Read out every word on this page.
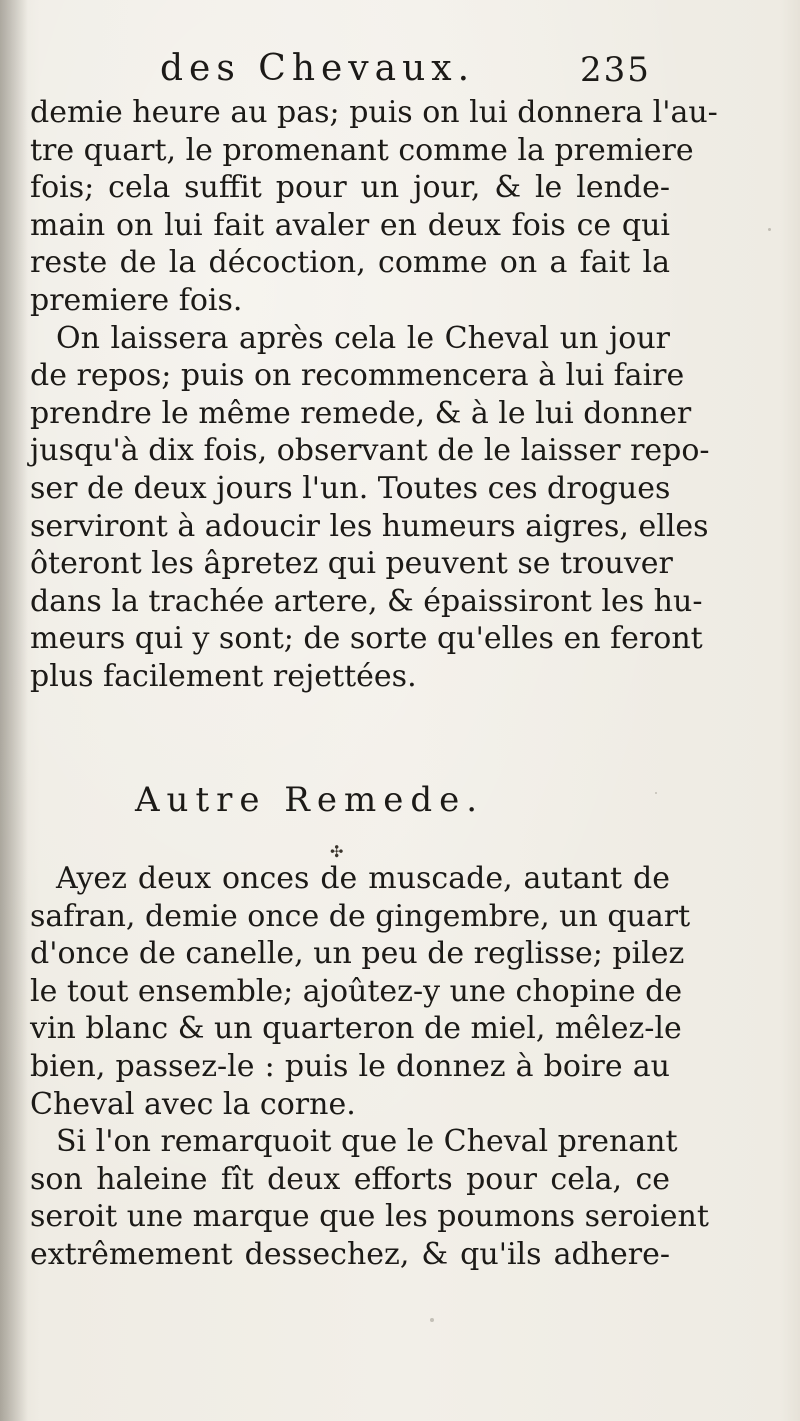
des Chevaux.	235
demie heure au pas; puis on lui donnera l'au-
tre quart, le promenant comme la premiere
fois; cela suffit pour un jour, & le lende-
main on lui fait avaler en deux fois ce qui
reste de la décoction, comme on a fait la
premiere fois.
On laissera après cela le Cheval un jour
de repos; puis on recommencera à lui faire
prendre le même remede, & à le lui donner
jusqu'à dix fois, observant de le laisser repo-
ser de deux jours l'un. Toutes ces drogues
serviront à adoucir les humeurs aigres, elles
ôteront les âpretez qui peuvent se trouver
dans la trachée artere, & épaissiront les hu-
meurs qui y sont; de sorte qu'elles en feront
plus facilement rejettées.
Autre Remede.
✣
Ayez deux onces de muscade, autant de
safran, demie once de gingembre, un quart
d'once de canelle, un peu de reglisse; pilez
le tout ensemble; ajoûtez-y une chopine de
vin blanc & un quarteron de miel, mêlez-le
bien, passez-le : puis le donnez à boire au
Cheval avec la corne.
Si l'on remarquoit que le Cheval prenant
son haleine fît deux efforts pour cela, ce
seroit une marque que les poumons seroient
extrêmement dessechez, & qu'ils adhere-
